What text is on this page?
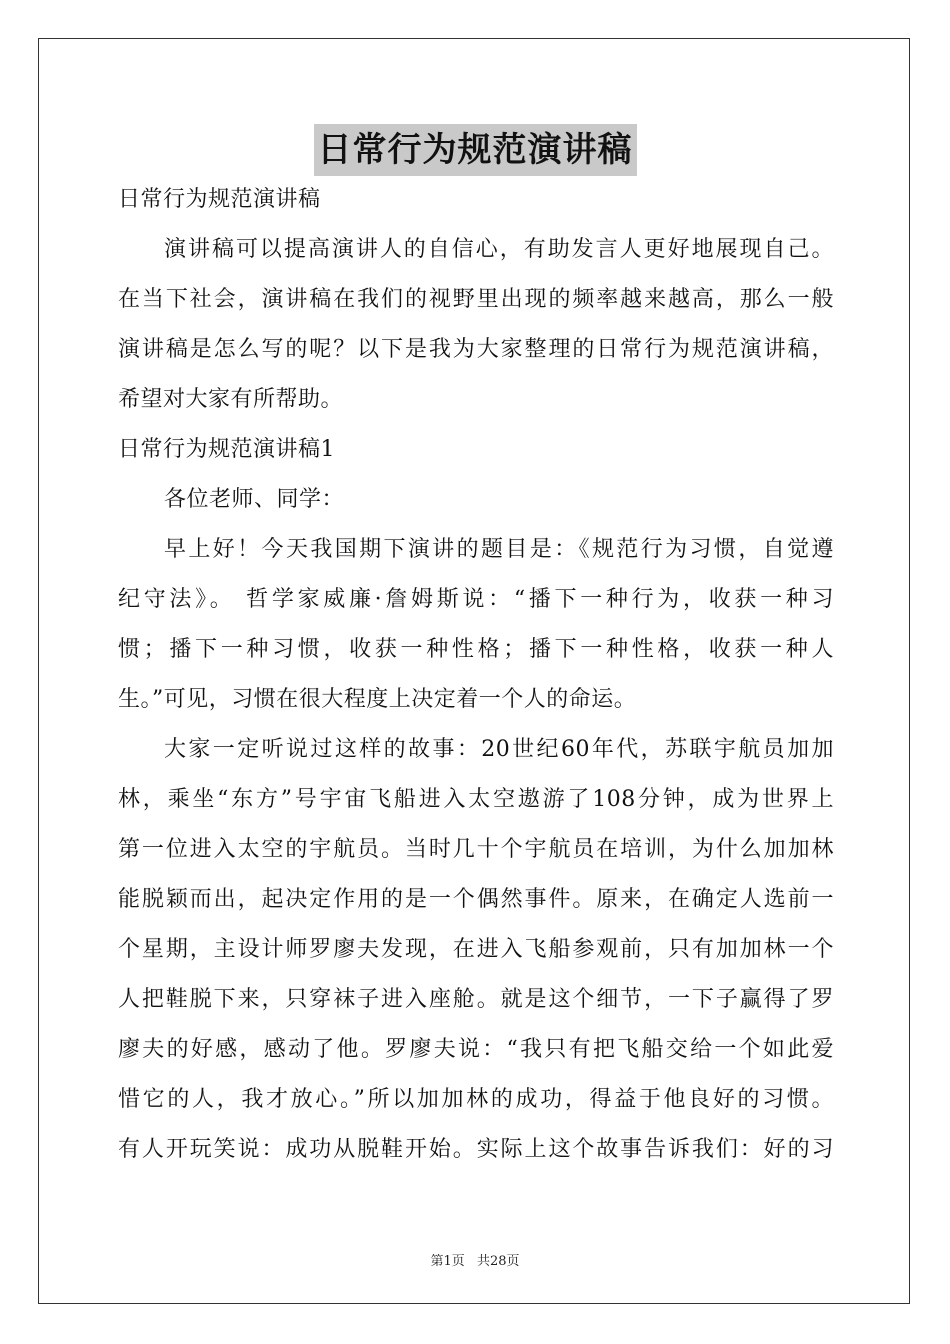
日常行为规范演讲稿
日常行为规范演讲稿
演讲稿可以提高演讲人的自信心，有助发言人更好地展现自己。
在当下社会，演讲稿在我们的视野里出现的频率越来越高，那么一般
演讲稿是怎么写的呢？以下是我为大家整理的日常行为规范演讲稿，
希望对大家有所帮助。
日常行为规范演讲稿1
各位老师、同学：
早上好！今天我国期下演讲的题目是：《规范行为习惯，自觉遵
纪守法》。 哲学家威廉·詹姆斯说：“播下一种行为，收获一种习
惯；播下一种习惯，收获一种性格；播下一种性格，收获一种人
生。”可见，习惯在很大程度上决定着一个人的命运。
大家一定听说过这样的故事：20世纪60年代，苏联宇航员加加
林，乘坐“东方”号宇宙飞船进入太空遨游了108分钟，成为世界上
第一位进入太空的宇航员。当时几十个宇航员在培训，为什么加加林
能脱颖而出，起决定作用的是一个偶然事件。原来，在确定人选前一
个星期，主设计师罗廖夫发现，在进入飞船参观前，只有加加林一个
人把鞋脱下来，只穿袜子进入座舱。就是这个细节，一下子赢得了罗
廖夫的好感，感动了他。罗廖夫说：“我只有把飞船交给一个如此爱
惜它的人，我才放心。”所以加加林的成功，得益于他良好的习惯。
有人开玩笑说：成功从脱鞋开始。实际上这个故事告诉我们：好的习
第1页 共28页
